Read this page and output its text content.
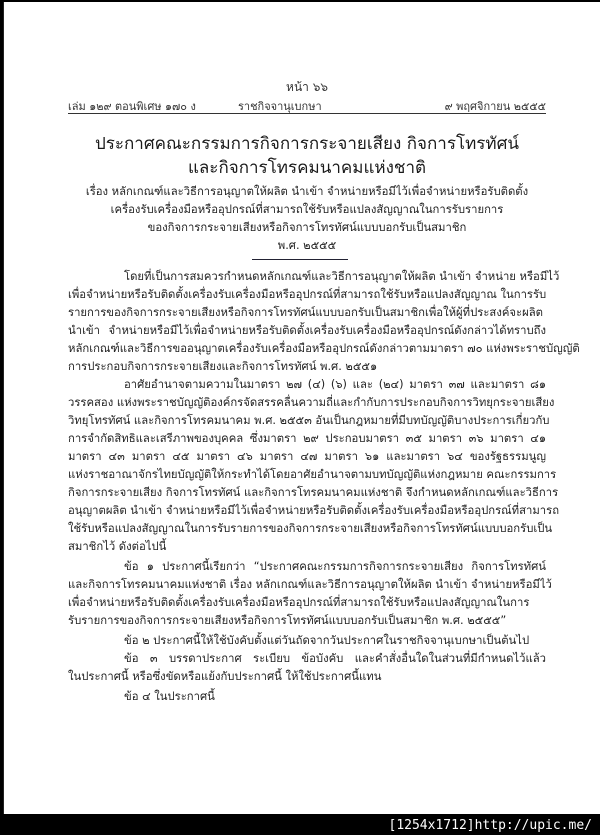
หน้า ๖๖
เล่ม ๑๒๙ ตอนพิเศษ ๑๗๐ ง	ราชกิจจานุเบกษา	๙ พฤศจิกายน ๒๕๕๕
ประกาศคณะกรรมการกิจการกระจายเสียง กิจการโทรทัศน์
และกิจการโทรคมนาคมแห่งชาติ
เรื่อง หลักเกณฑ์และวิธีการอนุญาตให้ผลิต นำเข้า จำหน่ายหรือมีไว้เพื่อจำหน่ายหรือรับติดตั้ง
เครื่องรับเครื่องมือหรืออุปกรณ์ที่สามารถใช้รับหรือแปลงสัญญาณในการรับรายการ
ของกิจการกระจายเสียงหรือกิจการโทรทัศน์แบบบอกรับเป็นสมาชิก
พ.ศ. ๒๕๕๕
โดยที่เป็นการสมควรกำหนดหลักเกณฑ์และวิธีการอนุญาตให้ผลิต นำเข้า จำหน่าย หรือมีไว้
เพื่อจำหน่ายหรือรับติดตั้งเครื่องรับเครื่องมือหรืออุปกรณ์ที่สามารถใช้รับหรือแปลงสัญญาณ ในการรับ
รายการของกิจการกระจายเสียงหรือกิจการโทรทัศน์แบบบอกรับเป็นสมาชิกเพื่อให้ผู้ที่ประสงค์จะผลิต
นำเข้า จำหน่ายหรือมีไว้เพื่อจำหน่ายหรือรับติดตั้งเครื่องรับเครื่องมือหรืออุปกรณ์ดังกล่าวได้ทราบถึง
หลักเกณฑ์และวิธีการขออนุญาตเครื่องรับเครื่องมือหรืออุปกรณ์ดังกล่าวตามมาตรา ๗๐ แห่งพระราชบัญญัติ
การประกอบกิจการกระจายเสียงและกิจการโทรทัศน์ พ.ศ. ๒๕๕๑
อาศัยอำนาจตามความในมาตรา ๒๗ (๔) (๖) และ (๒๔) มาตรา ๓๗ และมาตรา ๘๑
วรรคสอง แห่งพระราชบัญญัติองค์กรจัดสรรคลื่นความถี่และกำกับการประกอบกิจการวิทยุกระจายเสียง
วิทยุโทรทัศน์ และกิจการโทรคมนาคม พ.ศ. ๒๕๕๓ อันเป็นกฎหมายที่มีบทบัญญัติบางประการเกี่ยวกับ
การจำกัดสิทธิและเสรีภาพของบุคคล ซึ่งมาตรา ๒๙ ประกอบมาตรา ๓๕ มาตรา ๓๖ มาตรา ๔๑
มาตรา ๔๓ มาตรา ๔๕ มาตรา ๔๖ มาตรา ๔๗ มาตรา ๖๑ และมาตรา ๖๔ ของรัฐธรรมนูญ
แห่งราชอาณาจักรไทยบัญญัติให้กระทำได้โดยอาศัยอำนาจตามบทบัญญัติแห่งกฎหมาย คณะกรรมการ
กิจการกระจายเสียง กิจการโทรทัศน์ และกิจการโทรคมนาคมแห่งชาติ จึงกำหนดหลักเกณฑ์และวิธีการ
อนุญาตผลิต นำเข้า จำหน่ายหรือมีไว้เพื่อจำหน่ายหรือรับติดตั้งเครื่องรับเครื่องมือหรืออุปกรณ์ที่สามารถ
ใช้รับหรือแปลงสัญญาณในการรับรายการของกิจการกระจายเสียงหรือกิจการโทรทัศน์แบบบอกรับเป็น
สมาชิกไว้ ดังต่อไปนี้
ข้อ ๑ ประกาศนี้เรียกว่า “ประกาศคณะกรรมการกิจการกระจายเสียง กิจการโทรทัศน์
และกิจการโทรคมนาคมแห่งชาติ เรื่อง หลักเกณฑ์และวิธีการอนุญาตให้ผลิต นำเข้า จำหน่ายหรือมีไว้
เพื่อจำหน่ายหรือรับติดตั้งเครื่องรับเครื่องมือหรืออุปกรณ์ที่สามารถใช้รับหรือแปลงสัญญาณในการ
รับรายการของกิจการกระจายเสียงหรือกิจการโทรทัศน์แบบบอกรับเป็นสมาชิก พ.ศ. ๒๕๕๕”
ข้อ ๒ ประกาศนี้ให้ใช้บังคับตั้งแต่วันถัดจากวันประกาศในราชกิจจานุเบกษาเป็นต้นไป
ข้อ ๓ บรรดาประกาศ ระเบียบ ข้อบังคับ และคำสั่งอื่นใดในส่วนที่มีกำหนดไว้แล้ว
ในประกาศนี้ หรือซึ่งขัดหรือแย้งกับประกาศนี้ ให้ใช้ประกาศนี้แทน
ข้อ ๔ ในประกาศนี้
[1254x1712]http://upic.me/
